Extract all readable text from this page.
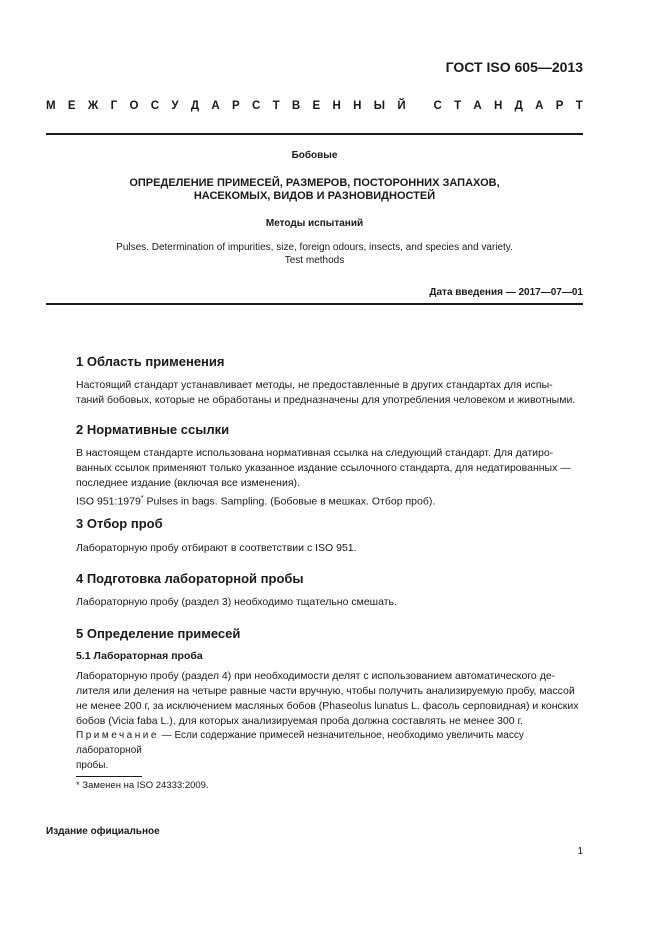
ГОСТ ISO 605—2013
М Е Ж Г О С У Д А Р С Т В Е Н Н Ы Й
С Т А Н Д А Р Т
Бобовые
ОПРЕДЕЛЕНИЕ ПРИМЕСЕЙ, РАЗМЕРОВ, ПОСТОРОННИХ ЗАПАХОВ,
НАСЕКОМЫХ, ВИДОВ И РАЗНОВИДНОСТЕЙ
Методы испытаний
Pulses. Determination of impurities, size, foreign odours, insects, and species and variety.
Test methods
Дата введения — 2017—07—01
1 Область применения

Настоящий стандарт устанавливает методы, не предоставленные в других стандартах для испы-

таний бобовых, которые не обработаны и предназначены для употребления человеком и животными.

2 Нормативные ссылки

В настоящем стандарте использована нормативная ссылка на следующий стандарт. Для датиро-

ванных ссылок применяют только указанное издание ссылочного стандарта, для недатированных —

последнее издание (включая все изменения).

ISO 951:1979* Pulses in bags. Sampling. (Бобовые в мешках. Отбор проб).

3 Отбор проб

Лабораторную пробу отбирают в соответствии с ISO 951.

4 Подготовка лабораторной пробы

Лабораторную пробу (раздел 3) необходимо тщательно смешать.

5 Определение примесей
5.1 Лабораторная проба

Лабораторную пробу (раздел 4) при необходимости делят с использованием автоматического де-

лителя или деления на четыре равные части вручную, чтобы получить анализируемую пробу, массой

не менее 200 г, за исключением масляных бобов (Phaseolus lunatus L. фасоль серповидная) и конских

бобов (Vicia faba L.), для которых анализируемая проба должна составлять не менее 300 г.

Примечание — Если содержание примесей незначительное, необходимо увеличить массу лабораторной

пробы.

* Заменен на ISO 24333:2009.
Издание официальное
1
